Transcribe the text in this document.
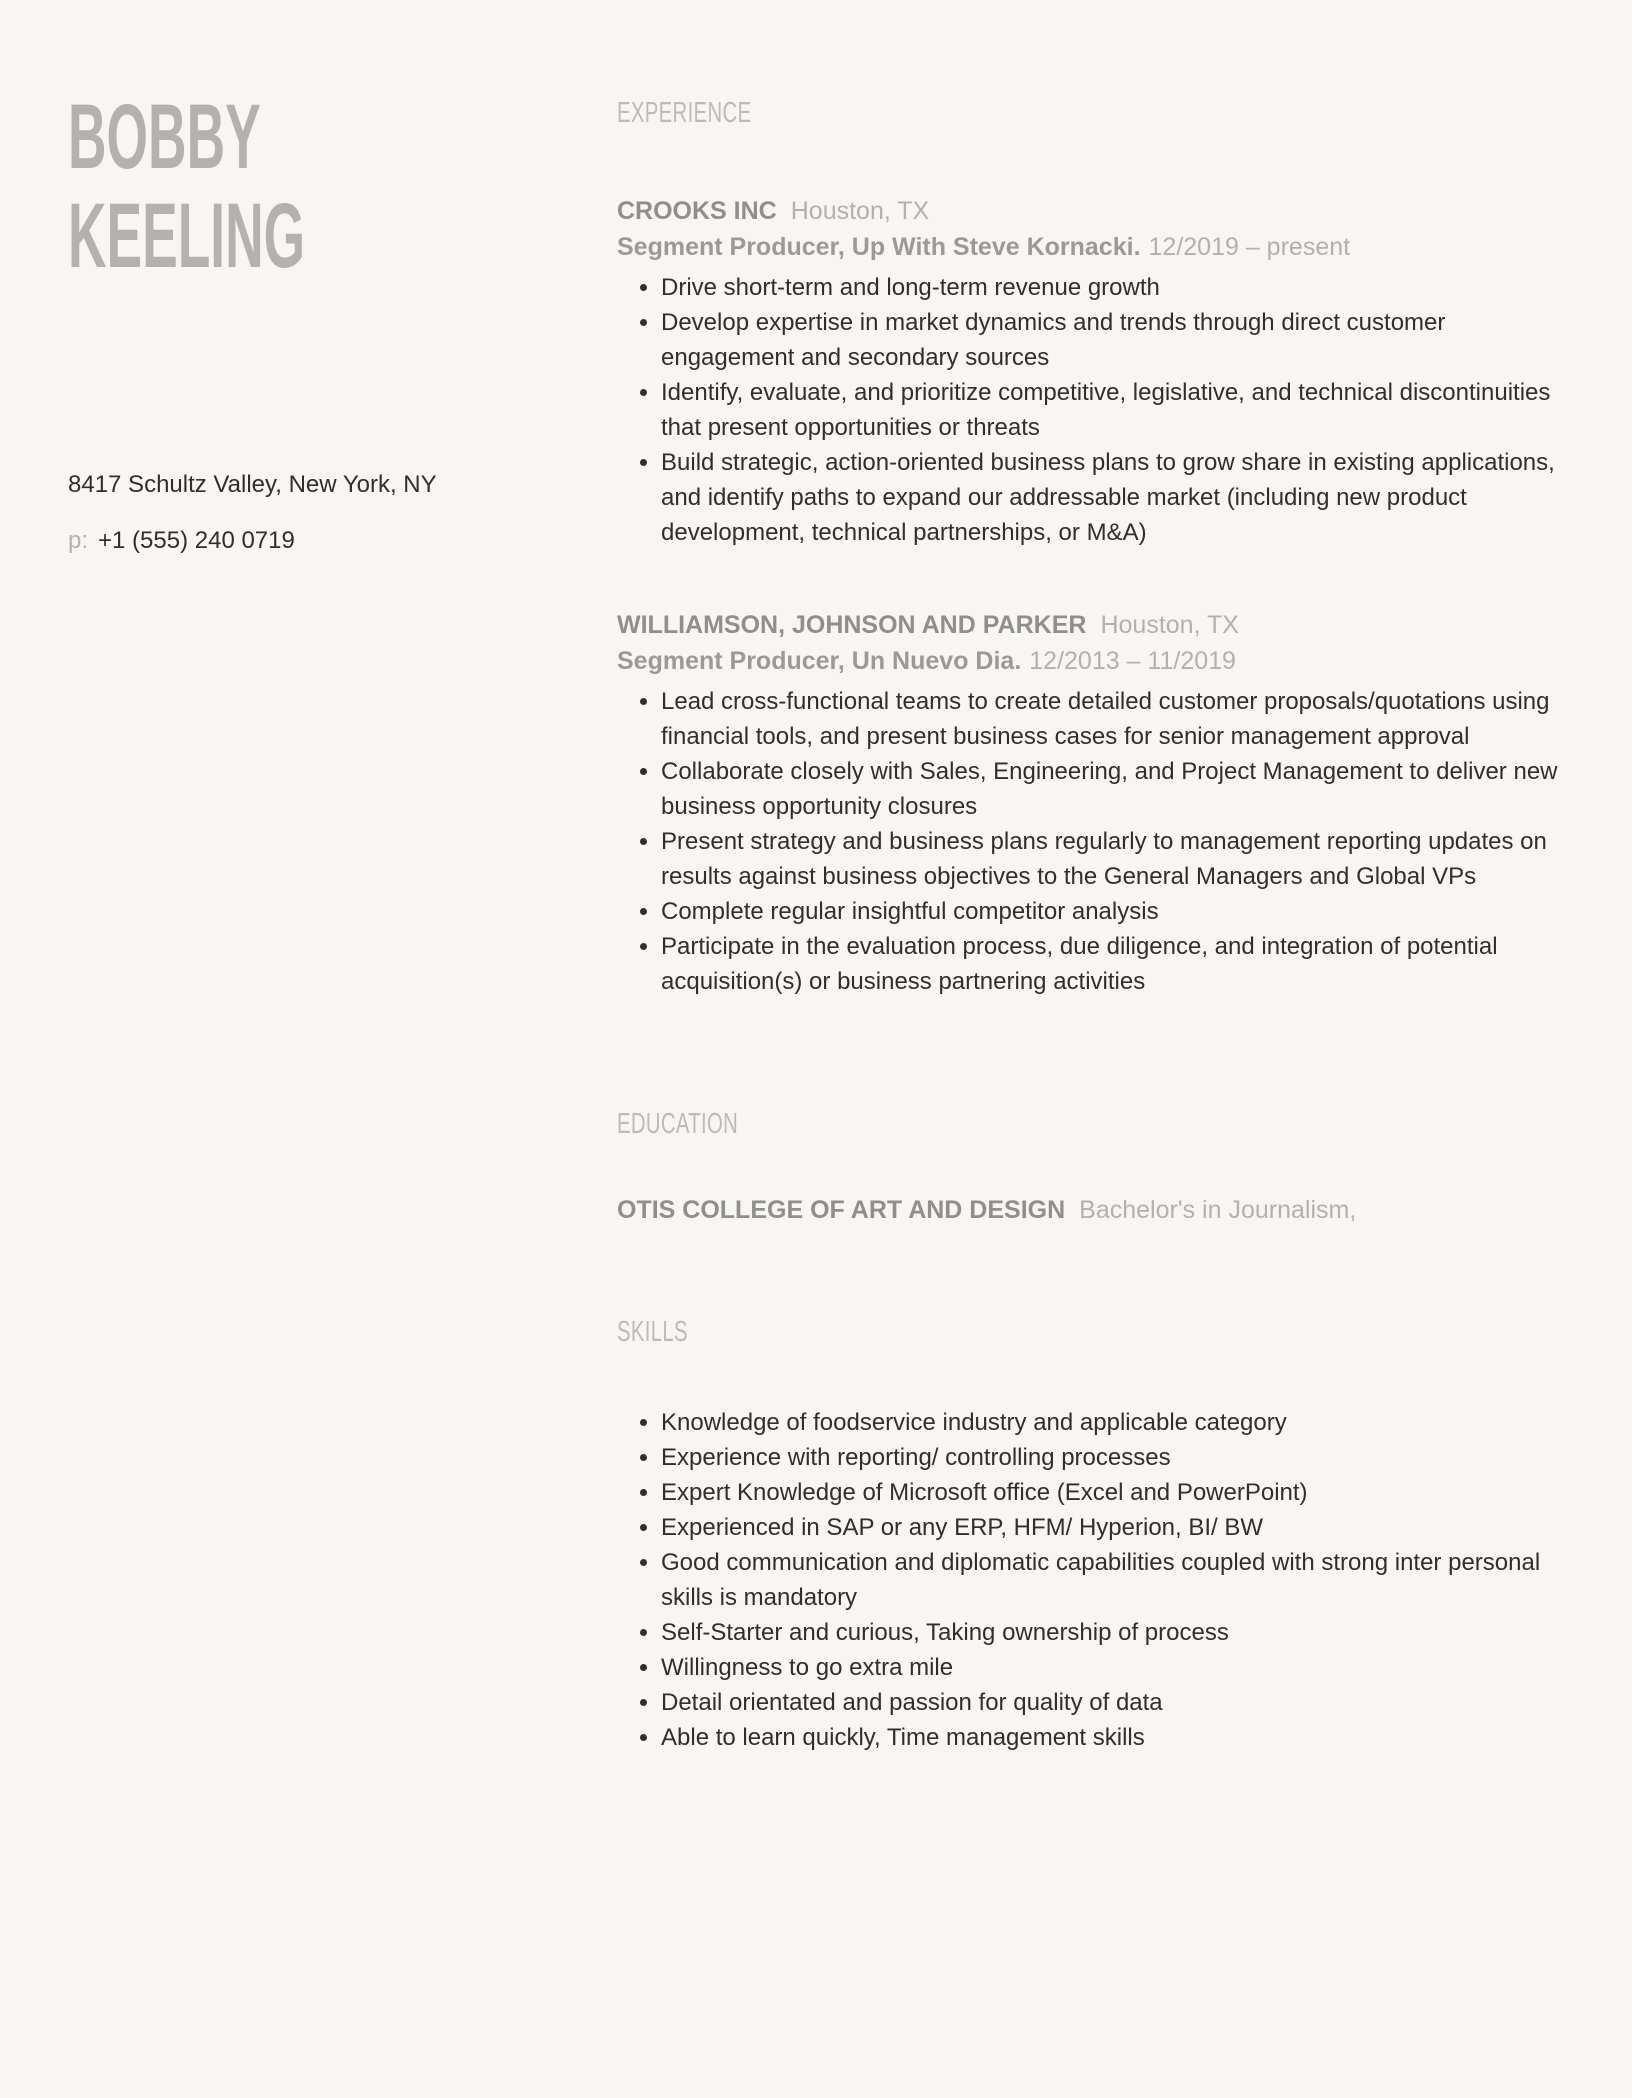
BOBBY
KEELING
8417 Schultz Valley, New York, NY
p: +1 (555) 240 0719
EXPERIENCE
CROOKS INC Houston, TX
Segment Producer, Up With Steve Kornacki. 12/2019 – present
• Drive short-term and long-term revenue growth
• Develop expertise in market dynamics and trends through direct customer engagement and secondary sources
• Identify, evaluate, and prioritize competitive, legislative, and technical discontinuities that present opportunities or threats
• Build strategic, action-oriented business plans to grow share in existing applications, and identify paths to expand our addressable market (including new product development, technical partnerships, or M&A)
WILLIAMSON, JOHNSON AND PARKER Houston, TX
Segment Producer, Un Nuevo Dia. 12/2013 – 11/2019
• Lead cross-functional teams to create detailed customer proposals/quotations using financial tools, and present business cases for senior management approval
• Collaborate closely with Sales, Engineering, and Project Management to deliver new business opportunity closures
• Present strategy and business plans regularly to management reporting updates on results against business objectives to the General Managers and Global VPs
• Complete regular insightful competitor analysis
• Participate in the evaluation process, due diligence, and integration of potential acquisition(s) or business partnering activities
EDUCATION
OTIS COLLEGE OF ART AND DESIGN Bachelor's in Journalism,
SKILLS
• Knowledge of foodservice industry and applicable category
• Experience with reporting/ controlling processes
• Expert Knowledge of Microsoft office (Excel and PowerPoint)
• Experienced in SAP or any ERP, HFM/ Hyperion, BI/ BW
• Good communication and diplomatic capabilities coupled with strong inter personal skills is mandatory
• Self-Starter and curious, Taking ownership of process
• Willingness to go extra mile
• Detail orientated and passion for quality of data
• Able to learn quickly, Time management skills
